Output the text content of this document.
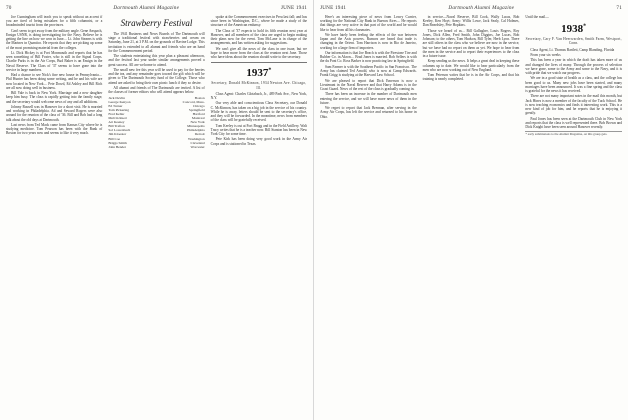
70	Dartmouth Alumni Magazine	JUNE 1941

Joe Cunningham will teach you to speak without an accent if you are tired of being mistaken for a fifth columnist, or a broadminded tourist from the provinces.

Can't seem to get away from the military angle. Gene Anspach, Ensign USNR, is doing investigating for the Navy. Believe he is getting the line on how we won in June.... Lt. John Stearns is with the Marines in Quantico. He reports that they are picking up some of the most promising material from the colleges.

Lt. Dick Hickey is at Fort Monmouth and reports that he has seen something of Bill Foster, who is still in the Signal Corps. Charlie Parks is in the Air Corps, Bud Baker is an Ensign in the Naval Reserve. The Class of '37 seems to have gone into the service in large numbers.

Had a chance to see Nick's fine new house in Pennsylvania.... Phil Hunter has been doing some writing, and he and his wife are now located in New York.... Pete Dowd, Ed Ashley and Bill Rich are all now doing well in business.

Bill Yale is back in New York. Marriage and a new daughter keep him busy. The class is rapidly getting into the family stage, and the secretary would welcome news of any and all additions.

Johnny Russell was in Hanover for a short visit. He is married and working in Philadelphia. Ad and Seward Rogers were also around for the reunion of the class of '36. Bill and Bob had a long talk about the old days at Dartmouth.

Last news from Ted Mack came from Kansas City where he is studying medicine. Tom Pearson has been with the Bank of Boston for two years now and seems to like it very much.

Strawberry Festival

The 1941 Business and News Boards of The Dartmouth will stage a traditional festival with strawberries and cream on Saturday, June 21, at 3 P.M. on the grounds of Ravine Lodge. This invitation is extended to all alumni and friends who are on hand for the Commencement period.

The students entertaining this year plan a pleasant afternoon, and the festival last year under similar arrangements proved a great success. All are welcome to attend.

The small new fee this year will be used to pay for the berries and the tea, and any remainder goes toward the gift which will be given to The Dartmouth Society fund of the College. Those who attend are asked to bring their own picnic lunch if they so desire.

All alumni and friends of The Dartmouth are invited. A list of the classes of former editors who will attend appears below.

Jack Devlin	Boston
George Kenyon	Concord, Mass.
Ed Turner	Chicago
Tom Pickering	Springfield
Fred Keller	Hartford
Melvin Reed	Montreal
Art Keeney	New York
Bill Trafton	Minneapolis
Sol Lowenbach	Philadelphia
Jim Kloester	Detroit
Bill Coe	Washington
Briggs Smith	Cleveland
John Bender	Worcester

spoke at the Commencement exercises in Peru last fall; and has since been in Washington, D.C., where he made a study of the structure of the American embassy.

The Class of '37 expects to hold its fifth reunion next year at Hanover, and all members of the class are urged to begin making their plans now for the event. Tom McLane is in charge of the arrangements, and has written asking for suggestions.

We can't give all the news of the class in one issue, but we hope to hear more from the class at the reunion next June. Those who have ideas about the reunion should write to the secretary.

1937*
Secretary, Donald McKinnon, 1934 Newton Ave. Chicago, Ill.

Class Agent: Charles Glotzbach, Jr., 489 Park Ave., New York, N.Y.

Our very able and conscientious Class Secretary, our Donald C. McKinnon, has taken on a big job in the service of his country. While he is away, letters should be sent to the secretary's office, and they will be forwarded. In the meantime, news from members of the class will be gratefully received.

Tom Keeley is out at Fort Bragg and in the Field Artillery. Walt Tracy writes that he is a teacher now. Bill Stanton has been in New York City for some time.

Pete Kirk has been doing very good work in the Army Air Corps and is stationed in Texas.

JUNE 1941	Dartmouth Alumni Magazine	71

Here's an interesting piece of news from Lowry Currier, working for the National City Bank in Buenos Aires.... He reports that things are very active in that part of the world and he would like to hear from all his classmates.

We have lately been feeling the effects of the war between Japan and the Axis powers. Rumors are heard that trade is changing in the Orient. Tom Harrison is now in Rio de Janeiro, working for a large firm of importers.

Our information is that Joe Beach is with the Firestone Tire and Rubber Co. in Akron.... Brad Jones is married. Bob Sellers is with the du Pont Co. Ross Barker is now practicing law in Springfield.

Sam Farmer is with the Southern Pacific in San Francisco. The Army has claimed Ted Arnold, who is now at Camp Edwards. Frank Grigg is studying at the Harvard Law School.

We are pleased to report that Dick Emerson is now a Lieutenant in the Naval Reserve and that Harry Adams is in the Coast Guard. News of the rest of the class is gradually coming in.

There has been an increase in the number of Dartmouth men entering the service, and we will have more news of them in the future.

We regret to report that Jack Brennan, after serving in the Army Air Corps, has left the service and returned to his home in Ohio.

in service—Naval Reserve, Bill Cook, Wally Lucas, Bob Keeley, Ken Hoyt; Army: Willis Lowe, Jack Sealy, Cal Holmes, Dan Beardsley, Pete Hopkins.

Those we heard of as... Bill Gallagher, Louis Rogers, Roy Jones, Dick Allen, Fred Smith, John Diggins, Joe Lucas, Bob Johnson; to the others, Tom Hudson, Bill Tyler, Herb Lyon. There are still others in the class who we believe are now in the service, but we have had no report on them as yet. We hope to hear from the men in the service and to report their experiences to the class in a future issue.

Keep sending us the news. It helps a great deal in keeping these columns up to date. We would like to hear particularly from the men who are now working out of New England.

Tom Peterson writes that he is in the Air Corps, and that his training is nearly completed.

Until the mail—

1938*
Secretary, Cary F. Van Heerwarden, Smith Farm, Westport, Conn.

Class Agent, Lt. Thomas Bartlett, Camp Blanding, Florida

From your six weeks

This has been a year in which the draft has taken more of us and changed the lives of many. Through the process of selection we have gone, some to the Army and some to the Navy, and it is with pride that we watch our progress.

We are in a good state of health as a class, and the college has been good to us. Many new jobs have been started, and many marriages have been announced. It was a fine spring and the class is grateful for the news it has received.

There are not many important notes in the mail this month, but Jack Hines is now a member of the faculty of the Tuck School. He is now teaching economics and finds it interesting work. This is a new kind of job for him, and he reports that he is enjoying it greatly.

Paul Jones has been seen at the Dartmouth Club in New York and reports that the class is well represented there. Bob Brown and Dick Knight have been seen around Hanover recently.

* early submissions to the Alumni Magazine, on this group gets.
